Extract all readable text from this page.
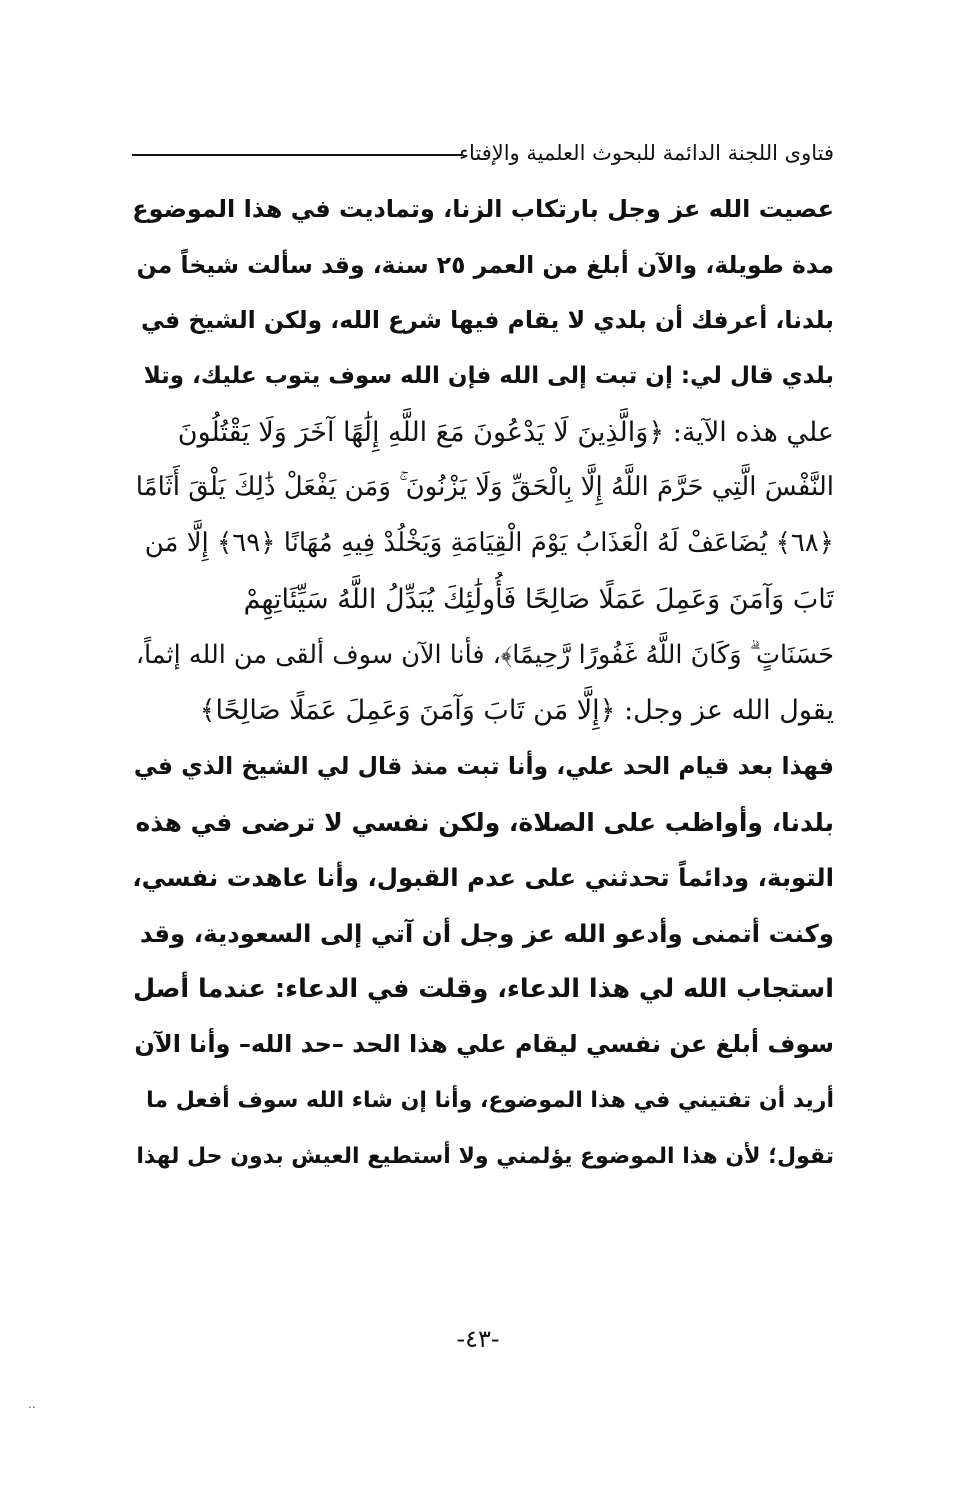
فتاوى اللجنة الدائمة للبحوث العلمية والإفتاء
عصيت الله عز وجل بارتكاب الزنا، وتماديت في هذا الموضوع
مدة طويلة، والآن أبلغ من العمر ٢٥ سنة، وقد سألت شيخاً من
بلدنا، أعرفك أن بلدي لا يقام فيها شرع الله، ولكن الشيخ في
بلدي قال لي: إن تبت إلى الله فإن الله سوف يتوب عليك، وتلا
علي هذه الآية: ﴿وَالَّذِينَ لَا يَدْعُونَ مَعَ اللَّهِ إِلَٰهًا آخَرَ وَلَا يَقْتُلُونَ
النَّفْسَ الَّتِي حَرَّمَ اللَّهُ إِلَّا بِالْحَقِّ وَلَا يَزْنُونَ ۚ وَمَن يَفْعَلْ ذَٰلِكَ يَلْقَ أَثَامًا
﴿٦٨﴾ يُضَاعَفْ لَهُ الْعَذَابُ يَوْمَ الْقِيَامَةِ وَيَخْلُدْ فِيهِ مُهَانًا ﴿٦٩﴾ إِلَّا مَن
تَابَ وَآمَنَ وَعَمِلَ عَمَلًا صَالِحًا فَأُولَٰئِكَ يُبَدِّلُ اللَّهُ سَيِّئَاتِهِمْ
حَسَنَاتٍ ۗ وَكَانَ اللَّهُ غَفُورًا رَّحِيمًا﴾، فأنا الآن سوف ألقى من الله إثماً،
يقول الله عز وجل: ﴿إِلَّا مَن تَابَ وَآمَنَ وَعَمِلَ عَمَلًا صَالِحًا﴾
فهذا بعد قيام الحد علي، وأنا تبت منذ قال لي الشيخ الذي في
بلدنا، وأواظب على الصلاة، ولكن نفسي لا ترضى في هذه
التوبة، ودائماً تحدثني على عدم القبول، وأنا عاهدت نفسي،
وكنت أتمنى وأدعو الله عز وجل أن آتي إلى السعودية، وقد
استجاب الله لي هذا الدعاء، وقلت في الدعاء: عندما أصل
سوف أبلغ عن نفسي ليقام علي هذا الحد –حد الله– وأنا الآن
أريد أن تفتيني في هذا الموضوع، وأنا إن شاء الله سوف أفعل ما
تقول؛ لأن هذا الموضوع يؤلمني ولا أستطيع العيش بدون حل لهذا
-٤٣-
..
